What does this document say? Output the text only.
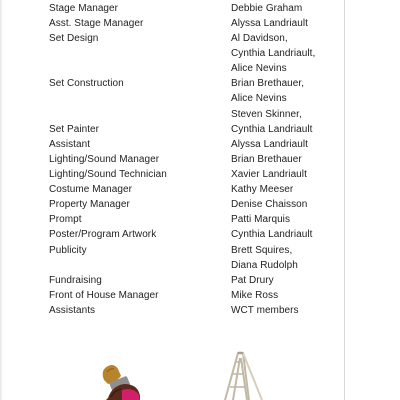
Stage Manager
Asst. Stage Manager
Set Design
Set Construction
Set Painter
Assistant
Lighting/Sound Manager
Lighting/Sound Technician
Costume Manager
Property Manager
Prompt
Poster/Program Artwork
Publicity
Fundraising
Front of House Manager
Assistants
Debbie Graham
Alyssa Landriault
Al Davidson,
Cynthia Landriault,
Alice Nevins
Brian Brethauer,
Alice Nevins
Steven Skinner,
Cynthia Landriault
Alyssa Landriault
Brian Brethauer
Xavier Landriault
Kathy Meeser
Denise Chaisson
Patti Marquis
Cynthia Landriault
Brett Squires,
Diana Rudolph
Pat Drury
Mike Ross
WCT members
